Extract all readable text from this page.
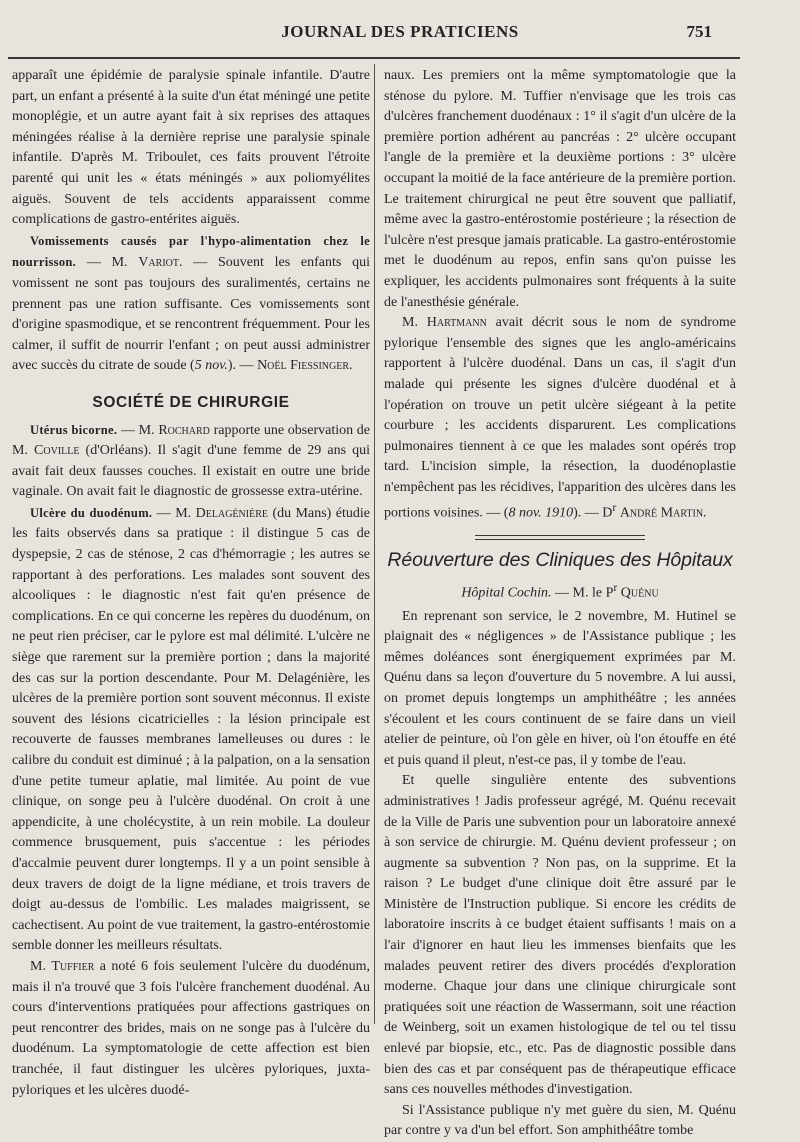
JOURNAL DES PRATICIENS	751

apparaît une épidémie de paralysie spinale infantile. D'autre part, un enfant a présenté à la suite d'un état méningé une petite monoplégie, et un autre ayant fait à six reprises des attaques méningées réalise à la dernière reprise une paralysie spinale infantile. D'après M. Triboulet, ces faits prouvent l'étroite parenté qui unit les « états méningés » aux poliomyélites aiguës. Souvent de tels accidents apparaissent comme complications de gastro-entérites aiguës.

Vomissements causés par l'hypo-alimentation chez le nourrisson. — M. Variot. — Souvent les enfants qui vomissent ne sont pas toujours des suralimentés, certains ne prennent pas une ration suffisante. Ces vomissements sont d'origine spasmodique, et se rencontrent fréquemment. Pour les calmer, il suffit de nourrir l'enfant ; on peut aussi administrer avec succès du citrate de soude (5 nov.). — Noël Fiessinger.

SOCIÉTÉ DE CHIRURGIE

Utérus bicorne. — M. Rochard rapporte une observation de M. Coville (d'Orléans). Il s'agit d'une femme de 29 ans qui avait fait deux fausses couches. Il existait en outre une bride vaginale. On avait fait le diagnostic de grossesse extra-utérine.

Ulcère du duodénum. — M. Delagénière (du Mans) étudie les faits observés dans sa pratique : il distingue 5 cas de dyspepsie, 2 cas de sténose, 2 cas d'hémorragie ; les autres se rapportant à des perforations. Les malades sont souvent des alcooliques : le diagnostic n'est fait qu'en présence de complications. En ce qui concerne les repères du duodénum, on ne peut rien préciser, car le pylore est mal délimité. L'ulcère ne siège que rarement sur la première portion ; dans la majorité des cas sur la portion descendante. Pour M. Delagénière, les ulcères de la première portion sont souvent méconnus. Il existe souvent des lésions cicatricielles : la lésion principale est recouverte de fausses membranes lamelleuses ou dures : le calibre du conduit est diminué ; à la palpation, on a la sensation d'une petite tumeur aplatie, mal limitée. Au point de vue clinique, on songe peu à l'ulcère duodénal. On croit à une appendicite, à une cholécystite, à un rein mobile. La douleur commence brusquement, puis s'accentue : les périodes d'accalmie peuvent durer longtemps. Il y a un point sensible à deux travers de doigt de la ligne médiane, et trois travers de doigt au-dessus de l'ombilic. Les malades maigrissent, se cachectisent. Au point de vue traitement, la gastro-entérostomie semble donner les meilleurs résultats.

M. Tuffier a noté 6 fois seulement l'ulcère du duodénum, mais il n'a trouvé que 3 fois l'ulcère franchement duodénal. Au cours d'interventions pratiquées pour affections gastriques on peut rencontrer des brides, mais on ne songe pas à l'ulcère du duodénum. La symptomatologie de cette affection est bien tranchée, il faut distinguer les ulcères pyloriques, juxta-pyloriques et les ulcères duodé-

naux. Les premiers ont la même symptomatologie que la sténose du pylore. M. Tuffier n'envisage que les trois cas d'ulcères franchement duodénaux : 1° il s'agit d'un ulcère de la première portion adhérent au pancréas : 2° ulcère occupant l'angle de la première et la deuxième portions : 3° ulcère occupant la moitié de la face antérieure de la première portion. Le traitement chirurgical ne peut être souvent que palliatif, même avec la gastro-entérostomie postérieure ; la résection de l'ulcère n'est presque jamais praticable. La gastro-entérostomie met le duodénum au repos, enfin sans qu'on puisse les expliquer, les accidents pulmonaires sont fréquents à la suite de l'anesthésie générale.

M. Hartmann avait décrit sous le nom de syndrome pylorique l'ensemble des signes que les anglo-américains rapportent à l'ulcère duodénal. Dans un cas, il s'agit d'un malade qui présente les signes d'ulcère duodénal et à l'opération on trouve un petit ulcère siégeant à la petite courbure ; les accidents disparurent. Les complications pulmonaires tiennent à ce que les malades sont opérés trop tard. L'incision simple, la résection, la duodénoplastie n'empêchent pas les récidives, l'apparition des ulcères dans les portions voisines. — (8 nov. 1910). — $D^r$ André Martin.

Réouverture des Cliniques des Hôpitaux
Hôpital Cochin. — M. le $P^r$ Quénu

En reprenant son service, le 2 novembre, M. Hutinel se plaignait des « négligences » de l'Assistance publique ; les mêmes doléances sont énergiquement exprimées par M. Quénu dans sa leçon d'ouverture du 5 novembre. A lui aussi, on promet depuis longtemps un amphithéâtre ; les années s'écoulent et les cours continuent de se faire dans un vieil atelier de peinture, où l'on gèle en hiver, où l'on étouffe en été et puis quand il pleut, n'est-ce pas, il y tombe de l'eau.

Et quelle singulière entente des subventions administratives ! Jadis professeur agrégé, M. Quénu recevait de la Ville de Paris une subvention pour un laboratoire annexé à son service de chirurgie. M. Quénu devient professeur ; on augmente sa subvention ? Non pas, on la supprime. Et la raison ? Le budget d'une clinique doit être assuré par le Ministère de l'Instruction publique. Si encore les crédits de laboratoire inscrits à ce budget étaient suffisants ! mais on a l'air d'ignorer en haut lieu les immenses bienfaits que les malades peuvent retirer des divers procédés d'exploration moderne. Chaque jour dans une clinique chirurgicale sont pratiquées soit une réaction de Wassermann, soit une réaction de Weinberg, soit un examen histologique de tel ou tel tissu enlevé par biopsie, etc., etc. Pas de diagnostic possible dans bien des cas et par conséquent pas de thérapeutique efficace sans ces nouvelles méthodes d'investigation.

Si l'Assistance publique n'y met guère du sien, M. Quénu par contre y va d'un bel effort. Son amphithéâtre tombe
